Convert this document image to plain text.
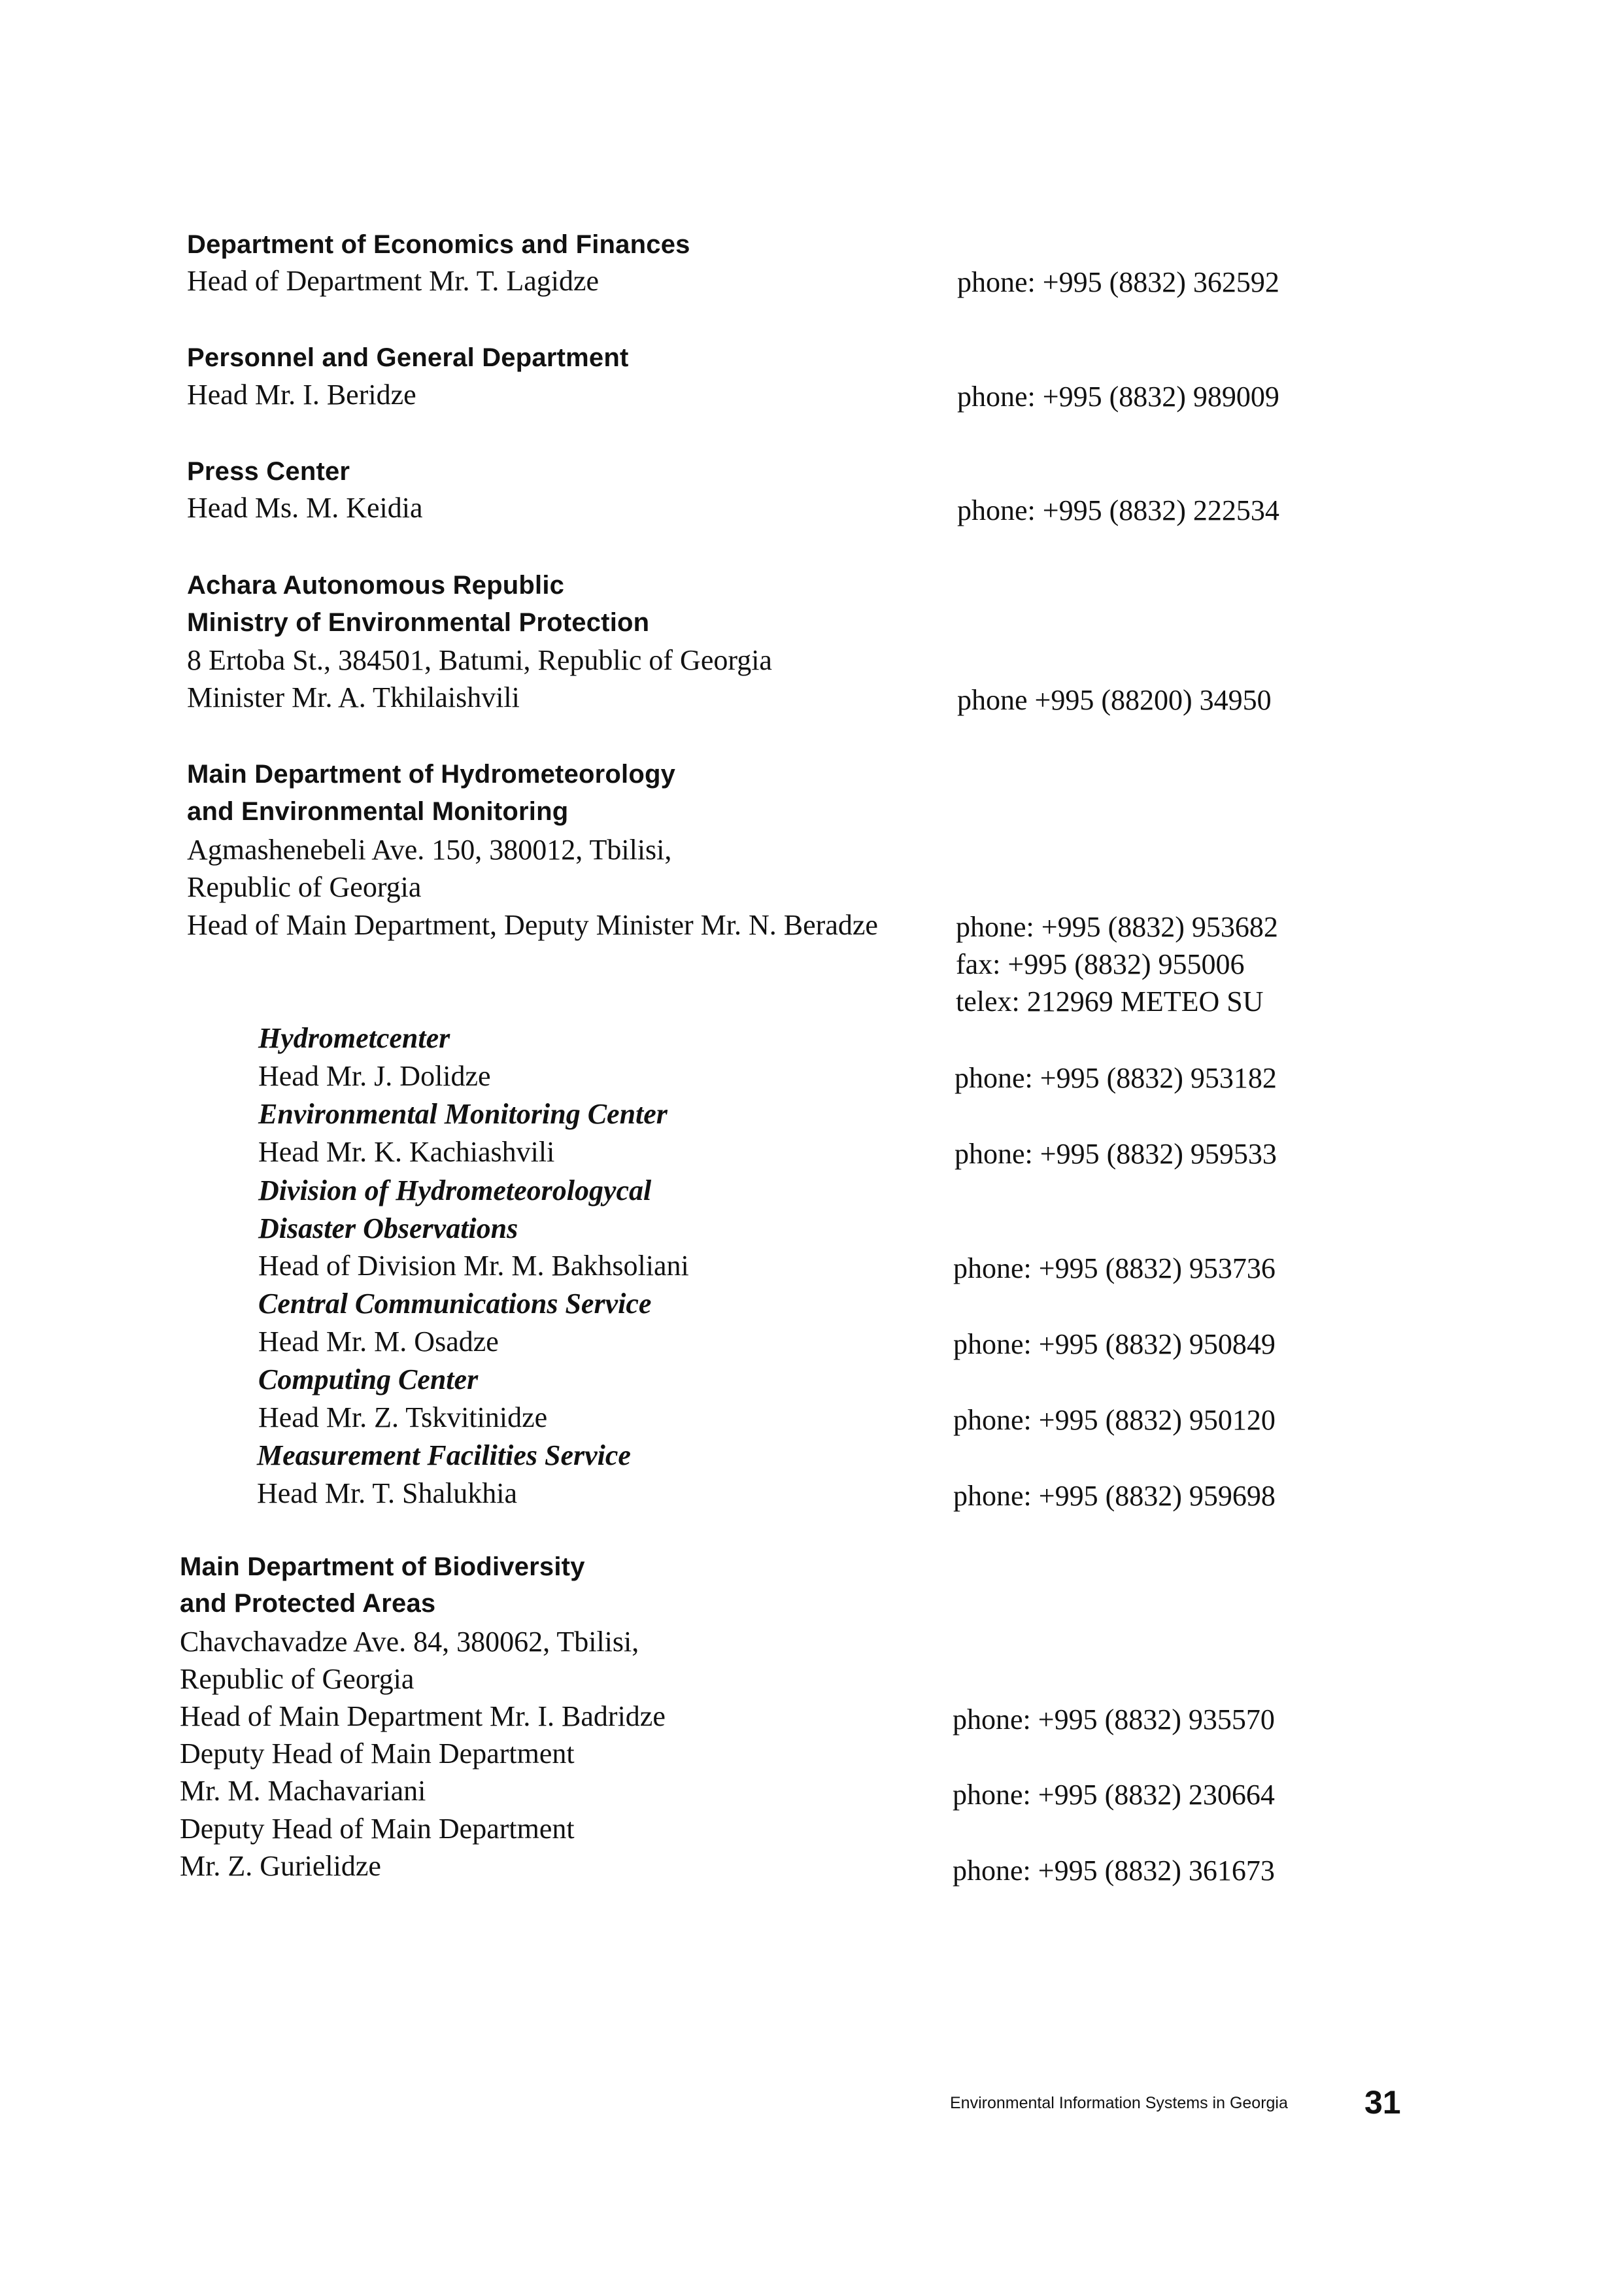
Department of Economics and Finances
Head of Department Mr. T. Lagidze	phone: +995 (8832) 362592
Personnel and General Department
Head Mr. I. Beridze	phone: +995 (8832) 989009
Press Center
Head Ms. M. Keidia	phone: +995 (8832) 222534
Achara Autonomous Republic
Ministry of Environmental Protection
8 Ertoba St., 384501, Batumi, Republic of Georgia
Minister Mr. A. Tkhilaishvili	phone +995 (88200) 34950
Main Department of Hydrometeorology
and Environmental Monitoring
Agmashenebeli Ave. 150, 380012, Tbilisi,
Republic of Georgia
Head of Main Department, Deputy Minister Mr. N. Beradze	phone: +995 (8832) 953682
fax: +995 (8832) 955006
telex: 212969 METEO SU
Hydrometcenter
Head Mr. J. Dolidze	phone: +995 (8832) 953182
Environmental Monitoring Center
Head Mr. K. Kachiashvili	phone: +995 (8832) 959533
Division of Hydrometeorologycal
Disaster Observations
Head of Division Mr. M. Bakhsoliani	phone: +995 (8832) 953736
Central Communications Service
Head Mr. M. Osadze	phone: +995 (8832) 950849
Computing Center
Head Mr. Z. Tskvitinidze	phone: +995 (8832) 950120
Measurement Facilities Service
Head Mr. T. Shalukhia	phone: +995 (8832) 959698
Main Department of Biodiversity
and Protected Areas
Chavchavadze Ave. 84, 380062, Tbilisi,
Republic of Georgia
Head of Main Department Mr. I. Badridze	phone: +995 (8832) 935570
Deputy Head of Main Department
Mr. M. Machavariani	phone: +995 (8832) 230664
Deputy Head of Main Department
Mr. Z. Gurielidze	phone: +995 (8832) 361673
Environmental Information Systems in Georgia 31
